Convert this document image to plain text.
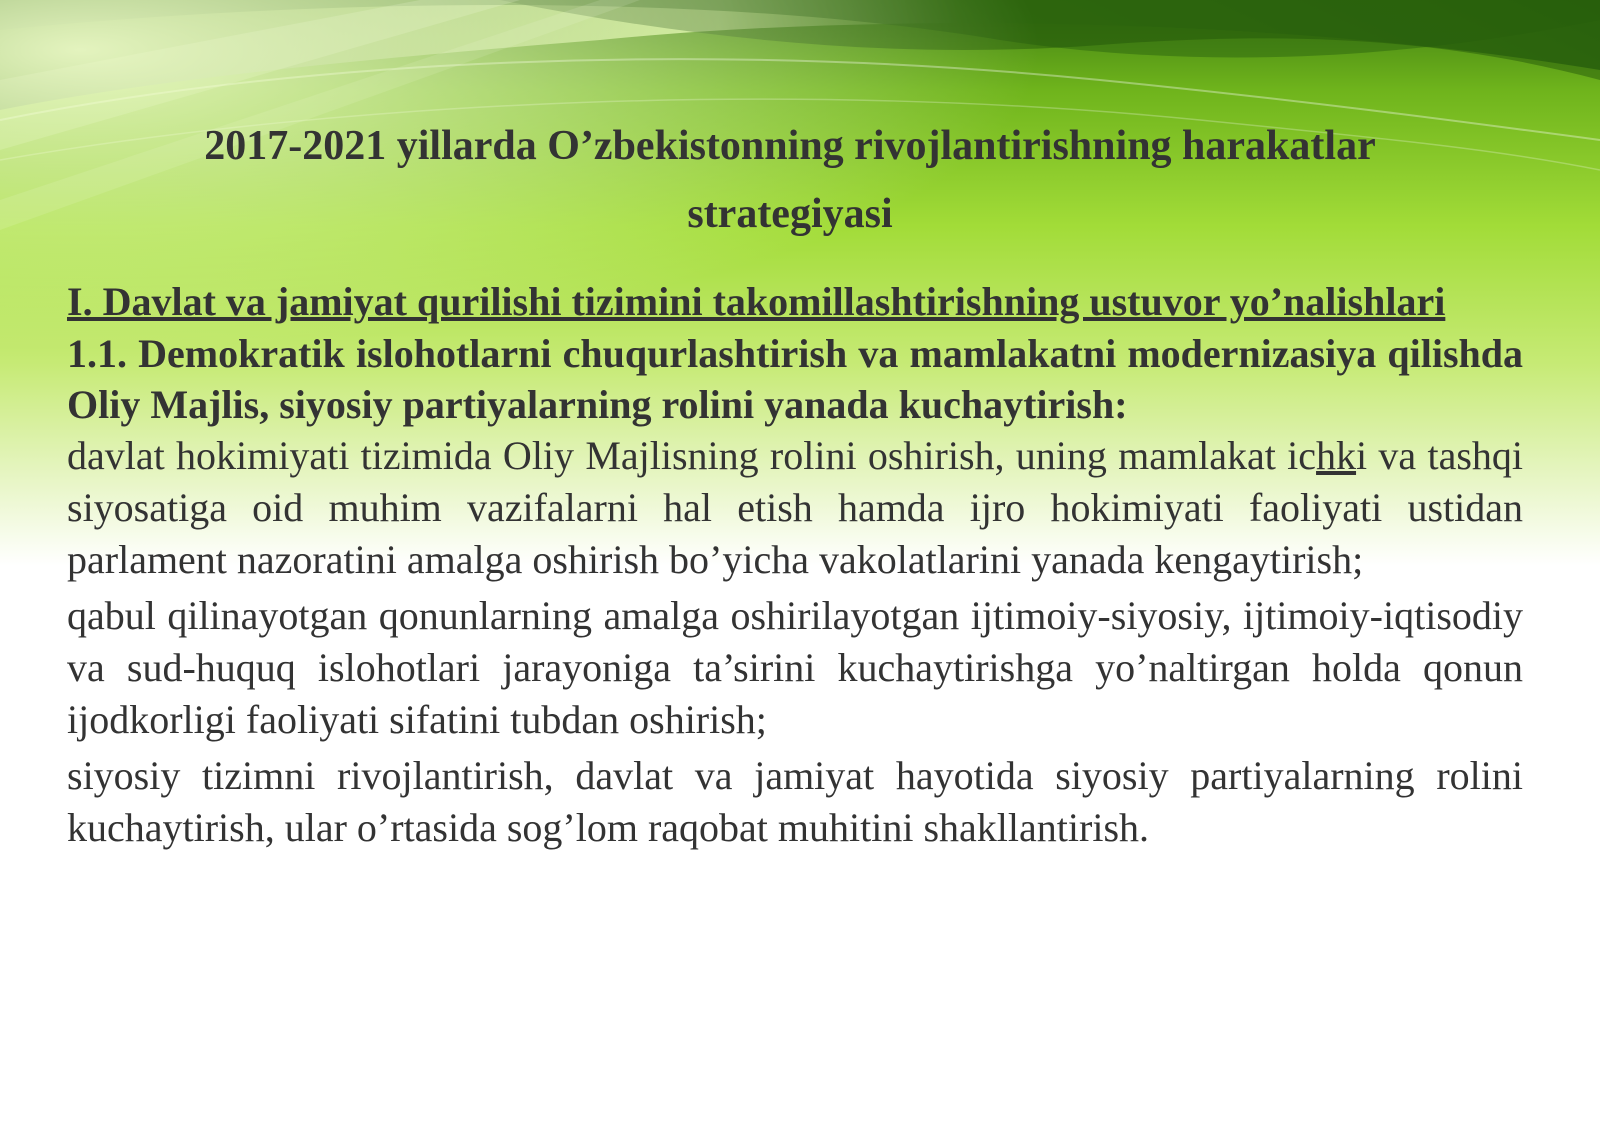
2017-2021 yillarda O’zbekistonning rivojlantirishning harakatlar
strategiyasi

I. Davlat va jamiyat qurilishi tizimini takomillashtirishning ustuvor yo’nalishlari

1.1. Demokratik islohotlarni chuqurlashtirish va mamlakatni modernizasiya qilishda Oliy Majlis, siyosiy partiyalarning rolini yanada kuchaytirish:

davlat hokimiyati tizimida Oliy Majlisning rolini oshirish, uning mamlakat ichki va tashqi siyosatiga oid muhim vazifalarni hal etish hamda ijro hokimiyati faoliyati ustidan parlament nazoratini amalga oshirish bo’yicha vakolatlarini yanada kengaytirish;

qabul qilinayotgan qonunlarning amalga oshirilayotgan ijtimoiy-siyosiy, ijtimoiy-iqtisodiy va sud-huquq islohotlari jarayoniga ta’sirini kuchaytirishga yo’naltirgan holda qonun ijodkorligi faoliyati sifatini tubdan oshirish;

siyosiy tizimni rivojlantirish, davlat va jamiyat hayotida siyosiy partiyalarning rolini kuchaytirish, ular o’rtasida sog’lom raqobat muhitini shakllantirish.
